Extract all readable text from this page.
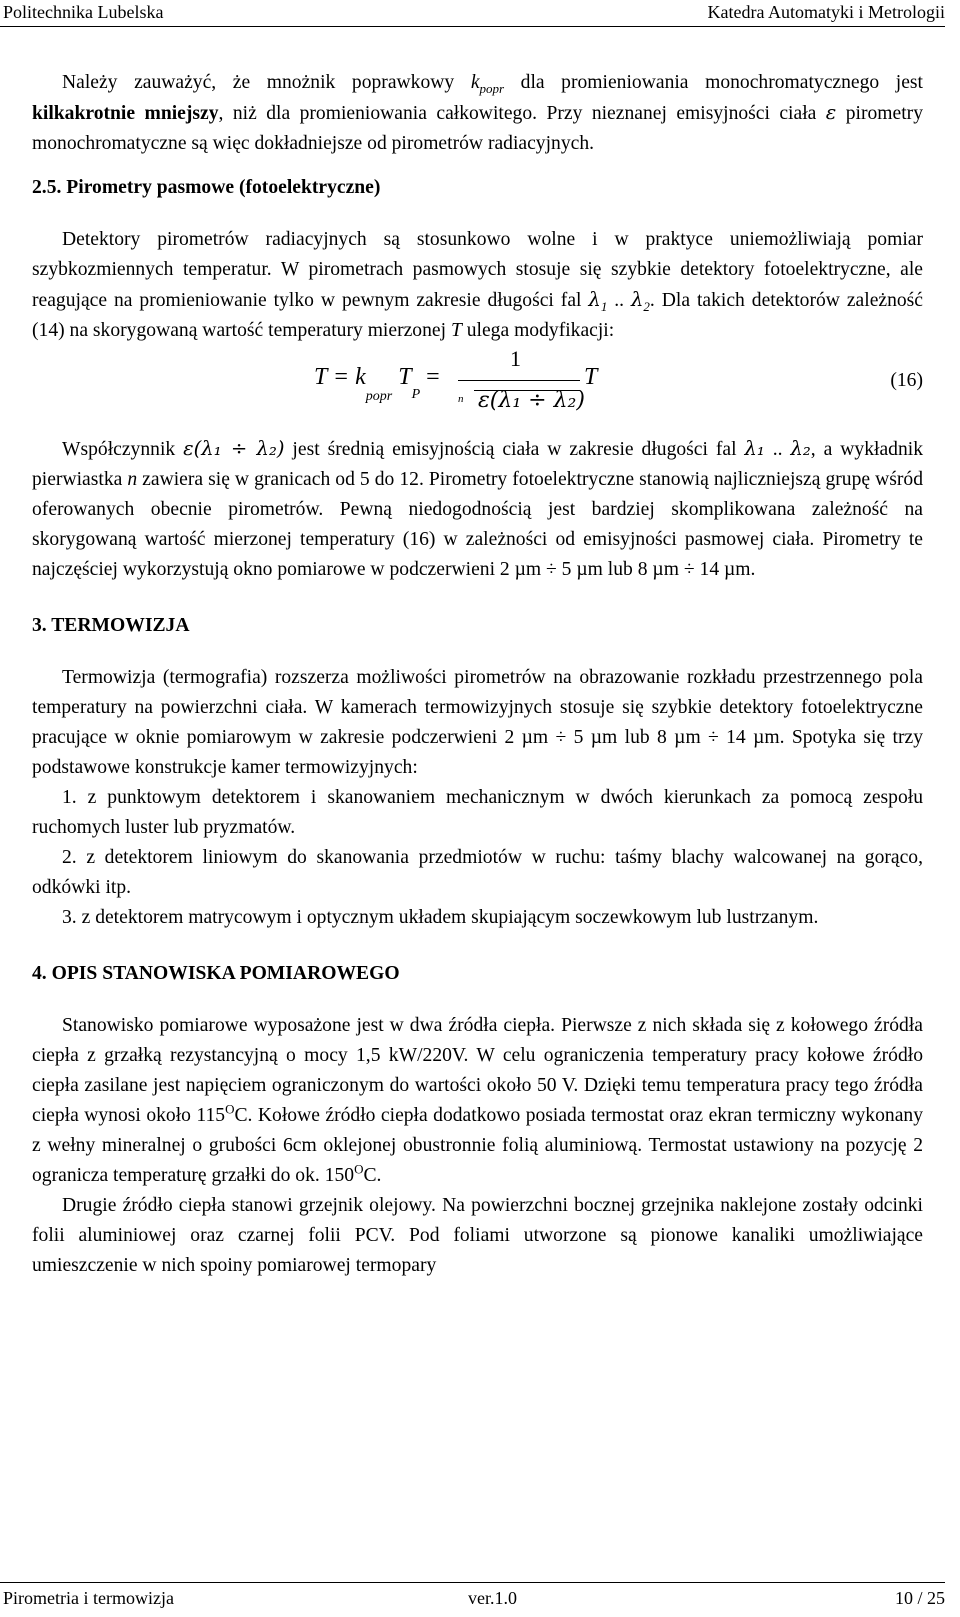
Politechnika Lubelska	Katedra Automatyki i Metrologii

Należy zauważyć, że mnożnik poprawkowy $k_{popr}$ dla promieniowania monochromatycznego jest kilkakrotnie mniejszy, niż dla promieniowania całkowitego. Przy nieznanej emisyjności ciała ε pirometry monochromatyczne są więc dokładniejsze od pirometrów radiacyjnych.

2.5. Pirometry pasmowe (fotoelektryczne)

Detektory pirometrów radiacyjnych są stosunkowo wolne i w praktyce uniemożliwiają pomiar szybkozmiennych temperatur. W pirometrach pasmowych stosuje się szybkie detektory fotoelektryczne, ale reagujące na promieniowanie tylko w pewnym zakresie długości fal $\lambda_1$ .. $\lambda_2$. Dla takich detektorów zależność (14) na skorygowaną wartość temperatury mierzonej T ulega modyfikacji:

$T = k_{popr}$ $T_P$ =
1
n ε(λ₁ ÷ λ₂)
T	(16)

Współczynnik ε(λ₁ ÷ λ₂) jest średnią emisyjnością ciała w zakresie długości fal λ₁ .. λ₂, a wykładnik pierwiastka n zawiera się w granicach od 5 do 12. Pirometry fotoelektryczne stanowią najliczniejszą grupę wśród oferowanych obecnie pirometrów. Pewną niedogodnością jest bardziej skomplikowana zależność na skorygowaną wartość mierzonej temperatury (16) w zależności od emisyjności pasmowej ciała. Pirometry te najczęściej wykorzystują okno pomiarowe w podczerwieni 2 µm ÷ 5 µm lub 8 µm ÷ 14 µm.

3. TERMOWIZJA

Termowizja (termografia) rozszerza możliwości pirometrów na obrazowanie rozkładu przestrzennego pola temperatury na powierzchni ciała. W kamerach termowizyjnych stosuje się szybkie detektory fotoelektryczne pracujące w oknie pomiarowym w zakresie podczerwieni 2 µm ÷ 5 µm lub 8 µm ÷ 14 µm. Spotyka się trzy podstawowe konstrukcje kamer termowizyjnych:

1. z punktowym detektorem i skanowaniem mechanicznym w dwóch kierunkach za pomocą zespołu ruchomych luster lub pryzmatów.

2. z detektorem liniowym do skanowania przedmiotów w ruchu: taśmy blachy walcowanej na gorąco, odkówki itp.

3. z detektorem matrycowym i optycznym układem skupiającym soczewkowym lub lustrzanym.

4. OPIS STANOWISKA POMIAROWEGO

Stanowisko pomiarowe wyposażone jest w dwa źródła ciepła. Pierwsze z nich składa się z kołowego źródła ciepła z grzałką rezystancyjną o mocy 1,5 kW/220V. W celu ograniczenia temperatury pracy kołowe źródło ciepła zasilane jest napięciem ograniczonym do wartości około 50 V. Dzięki temu temperatura pracy tego źródła ciepła wynosi około $115^OC$. Kołowe źródło ciepła dodatkowo posiada termostat oraz ekran termiczny wykonany z wełny mineralnej o grubości 6cm oklejonej obustronnie folią aluminiową. Termostat ustawiony na pozycję 2 ogranicza temperaturę grzałki do ok. $150^OC$.

Drugie źródło ciepła stanowi grzejnik olejowy. Na powierzchni bocznej grzejnika naklejone zostały odcinki folii aluminiowej oraz czarnej folii PCV. Pod foliami utworzone są pionowe kanaliki umożliwiające umieszczenie w nich spoiny pomiarowej termopary

Pirometria i termowizja	ver.1.0	10 / 25
